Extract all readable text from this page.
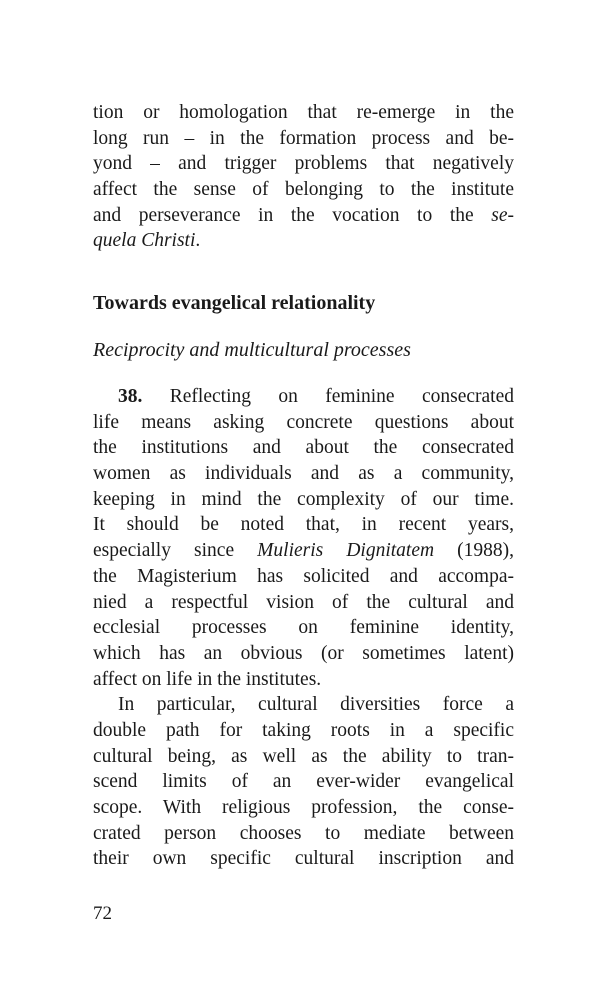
tion or homologation that re-emerge in the
long run – in the formation process and be-
yond – and trigger problems that negatively
affect the sense of belonging to the institute
and perseverance in the vocation to the se-
quela Christi.
Towards evangelical relationality
Reciprocity and multicultural processes
38. Reflecting on feminine consecrated
life means asking concrete questions about
the institutions and about the consecrated
women as individuals and as a community,
keeping in mind the complexity of our time.
It should be noted that, in recent years,
especially since Mulieris Dignitatem (1988),
the Magisterium has solicited and accompa-
nied a respectful vision of the cultural and
ecclesial processes on feminine identity,
which has an obvious (or sometimes latent)
affect on life in the institutes.
In particular, cultural diversities force a
double path for taking roots in a specific
cultural being, as well as the ability to tran-
scend limits of an ever-wider evangelical
scope. With religious profession, the conse-
crated person chooses to mediate between
their own specific cultural inscription and
72
